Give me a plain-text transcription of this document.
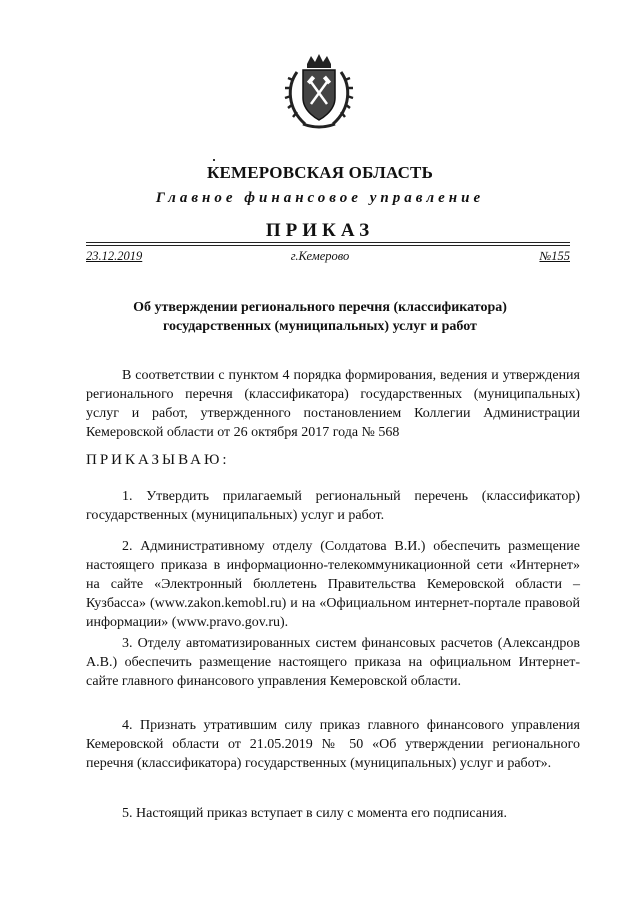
КЕМЕРОВСКАЯ ОБЛАСТЬ
Главное финансовое управление
ПРИКАЗ
23.12.2019	г.Кемерово	№155
Об утверждении регионального перечня (классификатора) государственных (муниципальных) услуг и работ
В соответствии с пунктом 4 порядка формирования, ведения и утверждения регионального перечня (классификатора) государственных (муниципальных) услуг и работ, утвержденного постановлением Коллегии Администрации Кемеровской области от 26 октября 2017 года № 568
ПРИКАЗЫВАЮ:
1. Утвердить прилагаемый региональный перечень (классификатор) государственных (муниципальных) услуг и работ.
2. Административному отделу (Солдатова В.И.) обеспечить размещение настоящего приказа в информационно-телекоммуникационной сети «Интернет» на сайте «Электронный бюллетень Правительства Кемеровской области – Кузбасса» (www.zakon.kemobl.ru) и на «Официальном интернет-портале правовой информации» (www.pravo.gov.ru).
3. Отделу автоматизированных систем финансовых расчетов (Александров А.В.) обеспечить размещение настоящего приказа на официальном Интернет-сайте главного финансового управления Кемеровской области.
4. Признать утратившим силу приказ главного финансового управления Кемеровской области от 21.05.2019 № 50 «Об утверждении регионального перечня (классификатора) государственных (муниципальных) услуг и работ».
5. Настоящий приказ вступает в силу с момента его подписания.
